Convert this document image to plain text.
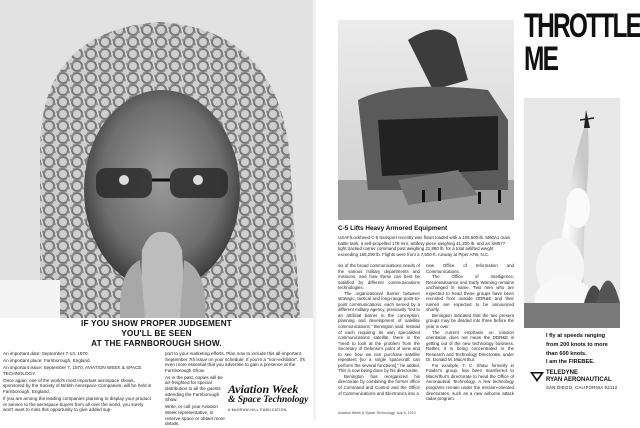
IF YOU SHOW PROPER JUDGEMENT
YOU'LL BE SEEN
AT THE FARNBOROUGH SHOW.

An important date: September 7-13, 1970.

An important place: Farnborough, England.

An important issue: September 7, 1970, AVIATION WEEK & SPACE TECHNOLOGY.

Once again, one of the world's most important aerospace shows, sponsored by the Society of British Aerospace Companies, will be held in Farnborough, England.

If you are among the leading companies planning to display your product or service to the aerospace buyers from all over the world, you surely won't want to miss this opportunity to give added sup-

port to your marketing efforts. Plan now to include this all-important September 7th issue on your schedule. If you're a "non-exhibitor", it's even more essential that you advertise to gain a presence at the Farnborough Show.

As in the past, copies will be air-freighted for special distribution to all the guests attending the Farnborough Show.

Write, or call your Aviation Week representative, to reserve space or obtain more details.

Aviation Week
& Space Technology
A McGRAW-HILL PUBLICATION
C-5 Lifts Heavy Armored Equipment
USAF/Lockheed C-5 transport recently was flown loaded with a 108,500-lb. M60A1 main battle tank, a self-propelled 175-mm. artillery piece weighing 41,200 lb. and an XM577 tight tracked carrier command post weighing 21,890 lb. for a total airlifted weight exceeding 168,290 lb. Flights were from a 7,500-ft. runway at Piper AFB, N.C.

sis of the broad communications needs of the various military departments and missions, and how these can best be satisfied by different communications technologies.

The organizational barrier between strategic, tactical and long-range point-to-point communications, each served by a different military agency, previously "led to an artificial barrier in the conception, planning and development of satellite communications," Benington said. Instead of each requiring its own specialized communications satellite, there is the "need to look at the problem from the Secretary of Defense's point of view and to see how we can purchase satellite repeaters [so a single spacecraft can perform the several functions]," he added. This is now being done by his directorate.

Benington has reorganized his directorate by combining the former office of Command and Control and the Office of Communications and Electronics into a

new Office of Information and Communications.

The Office of Intelligence, Reconnaissance and Early Warning remains unchanged in name. Two men who are expected to head these groups have been recruited from outside DDR&E and their names are expected to be announced shortly.

Benington indicated that the two present groups may be divided into three before the year is over.

The current emphasis on mission orientation does not mean the DDR&E is getting out of the new technology business. Rather, it is being concentrated in the Research and Technology Directorate, under Dr. Donald M. MacArthur.

For example, T. C. Shaw, formerly in Fowler's group, has been transferred to MacArthur's directorate to head the Office of Aeronautical Technology. A few technology programs remain under the mission-oriented directorates, such as a new airborne attack radar program.

Aviation Week & Space Technology, July 6, 1970
THROTTLE
ME
I fly at speeds ranging
from 200 knots to more
than 600 knots.
I am the FIREBEE.
TELEDYNE
RYAN AERONAUTICAL
SAN DIEGO, CALIFORNIA 92112
